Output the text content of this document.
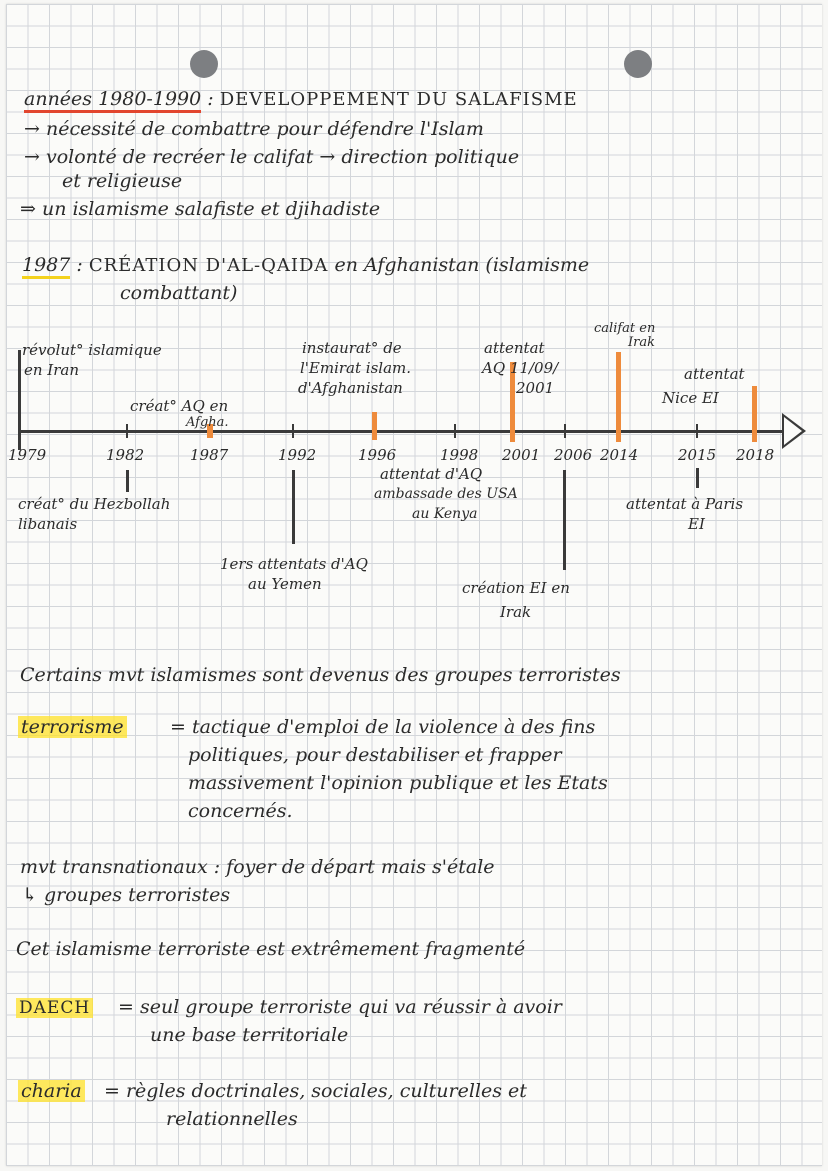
années 1980-1990 : DEVELOPPEMENT DU SALAFISME
→ nécessité de combattre pour défendre l'Islam
→ volonté de recréer le califat → direction politique
et religieuse
⇒ un islamisme salafiste et djihadiste
1987 : CRÉATION D'AL-QAIDA en Afghanistan (islamisme
combattant)
1979	1982	1987	1992	1996	1998 2001 2006 2014	2015 2018
révolut° islamique
en Iran
créat° AQ en
Afgha.
instaurat° de
l'Emirat islam.
d'Afghanistan
attentat
AQ 11/09/
2001
califat en
Irak
attentat
Nice EI
créat° du Hezbollah
libanais
1ers attentats d'AQ
au Yemen
attentat d'AQ
ambassade des USA
au Kenya
création EI en
Irak
attentat à Paris
EI
Certains mvt islamismes sont devenus des groupes terroristes
terrorisme = tactique d'emploi de la violence à des fins
politiques, pour destabiliser et frapper
massivement l'opinion publique et les Etats
concernés.
mvt transnationaux : foyer de départ mais s'étale
↳ groupes terroristes
Cet islamisme terroriste est extrêmement fragmenté
DAECH = seul groupe terroriste qui va réussir à avoir
une base territoriale
charia = règles doctrinales, sociales, culturelles et
relationnelles
